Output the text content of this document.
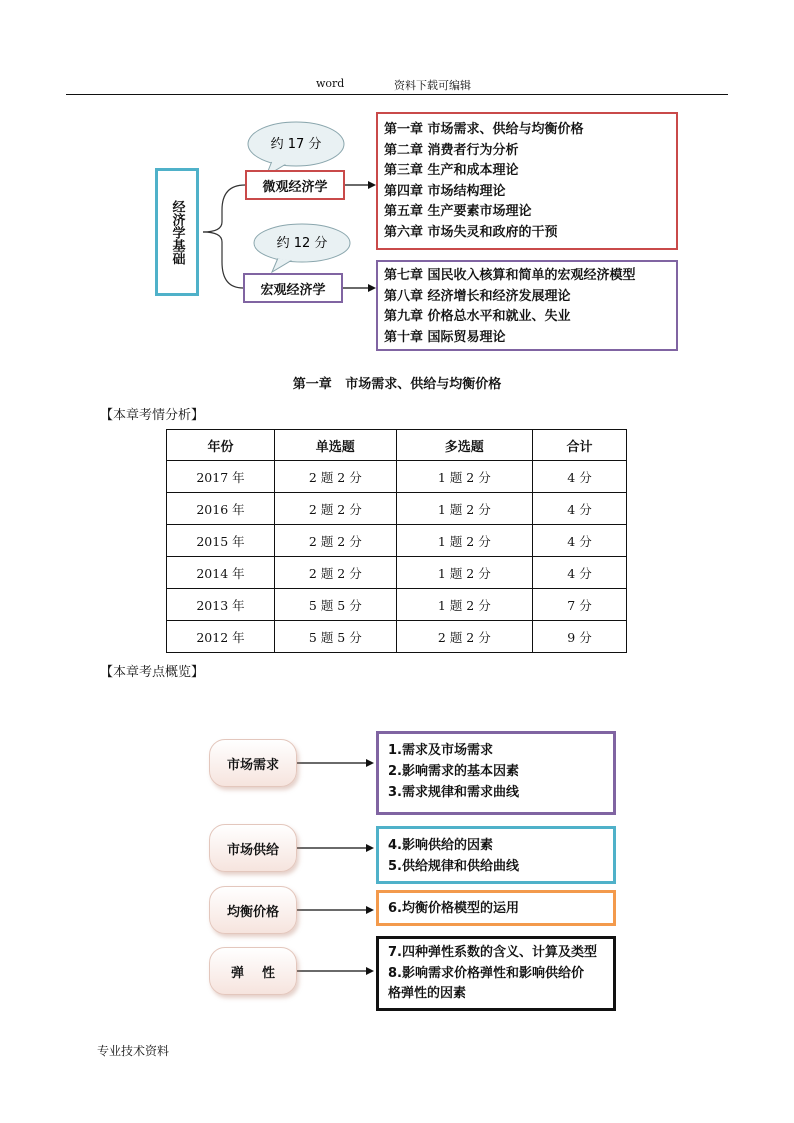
word	资料下载可编辑
约 17 分
约 12 分
经济学基础
微观经济学
宏观经济学
第一章 市场需求、供给与均衡价格
第二章 消费者行为分析
第三章 生产和成本理论
第四章 市场结构理论
第五章 生产要素市场理论
第六章 市场失灵和政府的干预
第七章 国民收入核算和简单的宏观经济模型
第八章 经济增长和经济发展理论
第九章 价格总水平和就业、失业
第十章 国际贸易理论
第一章   市场需求、供给与均衡价格
【本章考情分析】
年份	单选题	多选题	合计
2017 年	2 题 2 分	1 题 2 分	4 分
2016 年	2 题 2 分	1 题 2 分	4 分
2015 年	2 题 2 分	1 题 2 分	4 分
2014 年	2 题 2 分	1 题 2 分	4 分
2013 年	5 题 5 分	1 题 2 分	7 分
2012 年	5 题 5 分	2 题 2 分	9 分
【本章考点概览】
市场需求
市场供给
均衡价格
弹    性
1.需求及市场需求
2.影响需求的基本因素
3.需求规律和需求曲线
4.影响供给的因素
5.供给规律和供给曲线
6.均衡价格模型的运用
7.四种弹性系数的含义、计算及类型
8.影响需求价格弹性和影响供给价
格弹性的因素
专业技术资料
